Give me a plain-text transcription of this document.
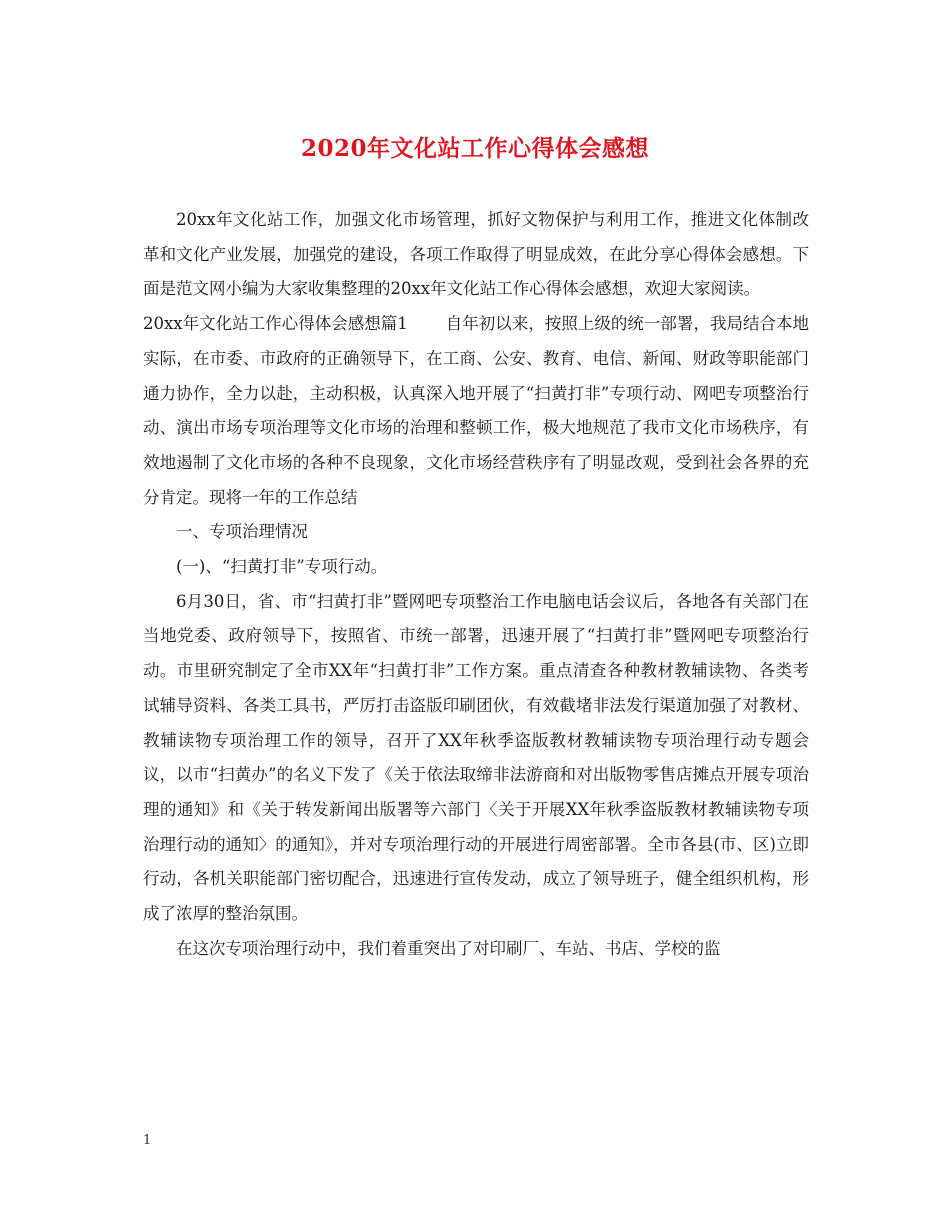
2020年文化站工作心得体会感想

20xx年文化站工作，加强文化市场管理，抓好文物保护与利用工作，推进文化体制改革和文化产业发展，加强党的建设，各项工作取得了明显成效，在此分享心得体会感想。下面是范文网小编为大家收集整理的20xx年文化站工作心得体会感想，欢迎大家阅读。

20xx年文化站工作心得体会感想篇1 自年初以来，按照上级的统一部署，我局结合本地实际，在市委、市政府的正确领导下，在工商、公安、教育、电信、新闻、财政等职能部门通力协作，全力以赴，主动积极，认真深入地开展了“扫黄打非”专项行动、网吧专项整治行动、演出市场专项治理等文化市场的治理和整顿工作，极大地规范了我市文化市场秩序，有效地遏制了文化市场的各种不良现象，文化市场经营秩序有了明显改观，受到社会各界的充分肯定。现将一年的工作总结

一、专项治理情况

(一)、“扫黄打非”专项行动。

6月30日，省、市“扫黄打非”暨网吧专项整治工作电脑电话会议后，各地各有关部门在当地党委、政府领导下，按照省、市统一部署，迅速开展了“扫黄打非”暨网吧专项整治行动。市里研究制定了全市XX年“扫黄打非”工作方案。重点清查各种教材教辅读物、各类考试辅导资料、各类工具书，严厉打击盗版印刷团伙，有效截堵非法发行渠道加强了对教材、教辅读物专项治理工作的领导，召开了XX年秋季盗版教材教辅读物专项治理行动专题会议，以市“扫黄办”的名义下发了《关于依法取缔非法游商和对出版物零售店摊点开展专项治理的通知》和《关于转发新闻出版署等六部门〈关于开展XX年秋季盗版教材教辅读物专项治理行动的通知〉的通知》，并对专项治理行动的开展进行周密部署。全市各县(市、区)立即行动，各机关职能部门密切配合，迅速进行宣传发动，成立了领导班子，健全组织机构，形成了浓厚的整治氛围。

在这次专项治理行动中，我们着重突出了对印刷厂、车站、书店、学校的监

1
